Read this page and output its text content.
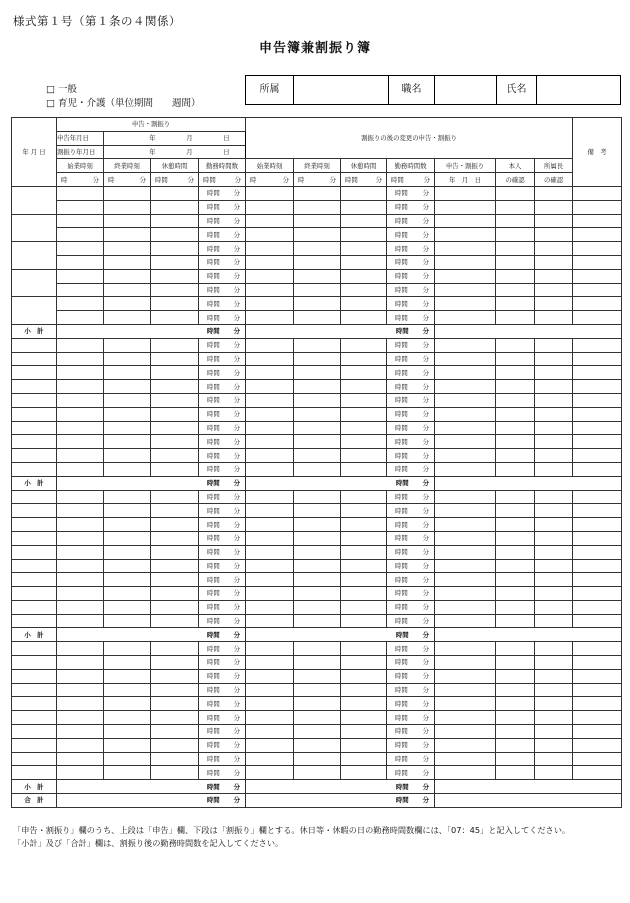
様式第１号（第１条の４関係）
申告簿兼割振り簿
□ 一般
□ 育児・介護（単位期間　　週間）
所属	職名	氏名
年 月 日	申告・割振り				割振りの後の変更の申告・割振り							備　考
	申告年月日	年 月 日										

	割振り年月日	年 月 日										

	始業時刻	終業時刻	休憩時間	勤務時間数	始業時刻	終業時刻	休憩時間	勤務時間数	申告・割振り	本人	所属長	

	時 分	時 分	時間 分	時間 分	時 分	時 分	時間 分	時間 分	年　月　日	の確認	の確認	

				時間 分				時間 分				

				時間 分				時間 分				

				時間 分				時間 分				

				時間 分				時間 分				

				時間 分				時間 分				

				時間 分				時間 分				

				時間 分				時間 分				

				時間 分				時間 分				

				時間 分				時間 分				

				時間 分				時間 分				

小　計	時間 分				時間 分							

				時間 分				時間 分				

				時間 分				時間 分				

				時間 分				時間 分				

				時間 分				時間 分				

				時間 分				時間 分				

				時間 分				時間 分				

				時間 分				時間 分				

				時間 分				時間 分				

				時間 分				時間 分				

				時間 分				時間 分				

小　計	時間 分				時間 分							

				時間 分				時間 分				

				時間 分				時間 分				

				時間 分				時間 分				

				時間 分				時間 分				

				時間 分				時間 分				

				時間 分				時間 分				

				時間 分				時間 分				

				時間 分				時間 分				

				時間 分				時間 分				

				時間 分				時間 分				

小　計	時間 分				時間 分							

				時間 分				時間 分				

				時間 分				時間 分				

				時間 分				時間 分				

				時間 分				時間 分				

				時間 分				時間 分				

				時間 分				時間 分				

				時間 分				時間 分				

				時間 分				時間 分				

				時間 分				時間 分				

				時間 分				時間 分				

小　計	時間 分				時間 分							

合　計	時間 分				時間 分							

「申告・割振り」欄のうち、上段は「申告」欄、下段は「割振り」欄とする。休日等・休暇の日の勤務時間数欄には、「07：45」と記入してください。
「小計」及び「合計」欄は、割振り後の勤務時間数を記入してください。
